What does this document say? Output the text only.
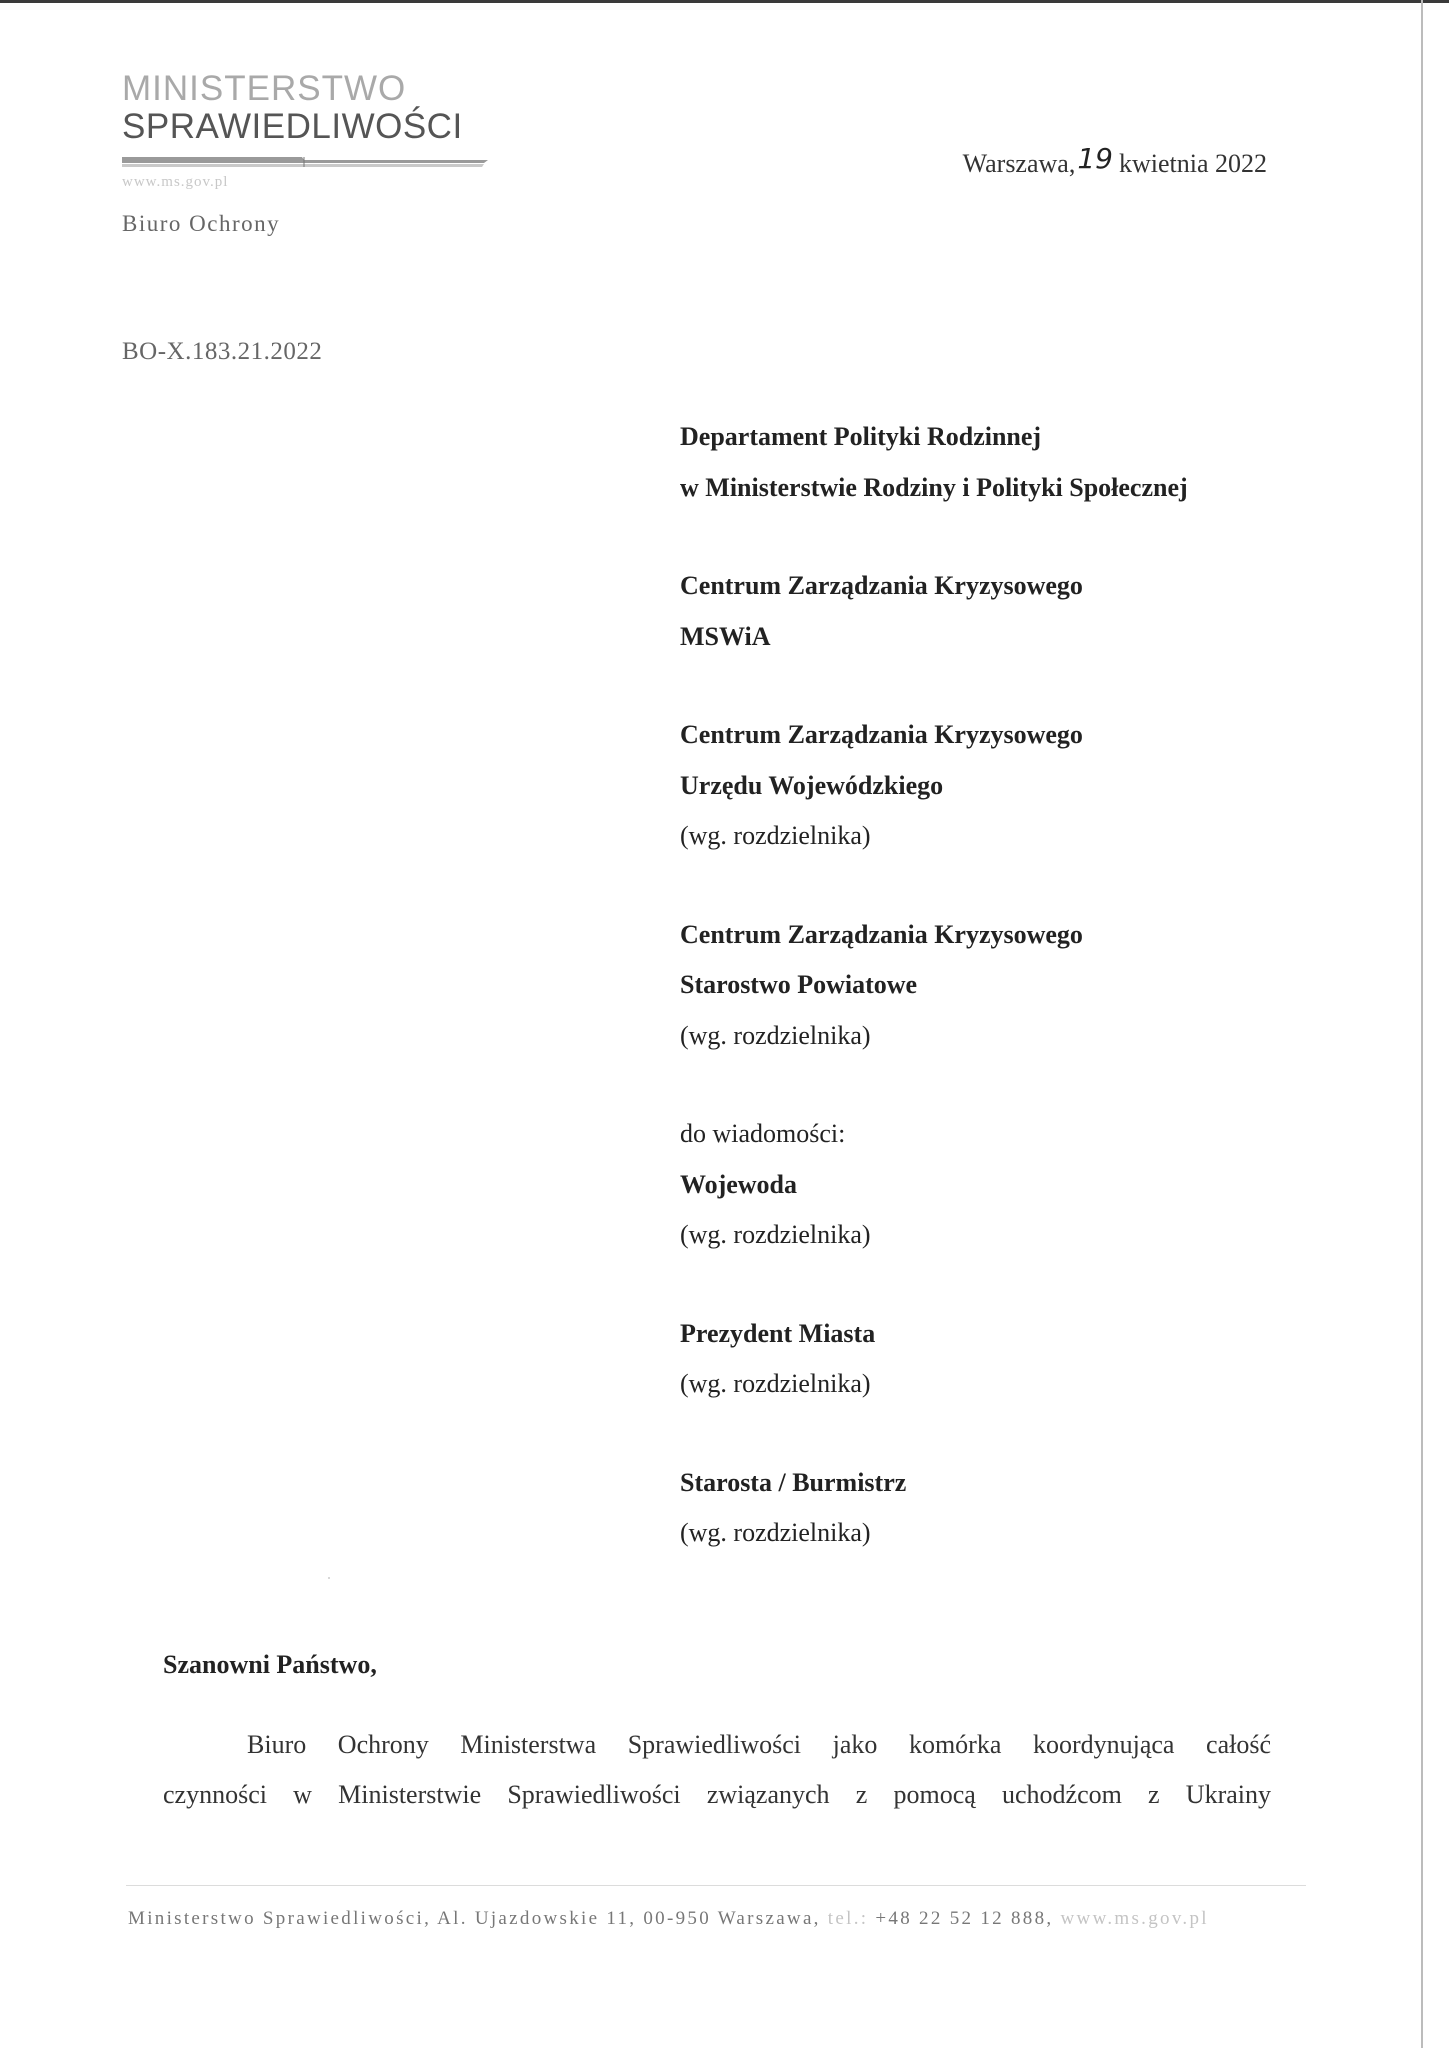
MINISTERSTWO
SPRAWIEDLIWOŚCI
www.ms.gov.pl
Biuro Ochrony
Warszawa,19 kwietnia 2022
BO-X.183.21.2022
Departament Polityki Rodzinnej
w Ministerstwie Rodziny i Polityki Społecznej
Centrum Zarządzania Kryzysowego
MSWiA
Centrum Zarządzania Kryzysowego
Urzędu Wojewódzkiego
(wg. rozdzielnika)
Centrum Zarządzania Kryzysowego
Starostwo Powiatowe
(wg. rozdzielnika)
do wiadomości:
Wojewoda
(wg. rozdzielnika)
Prezydent Miasta
(wg. rozdzielnika)
Starosta / Burmistrz
(wg. rozdzielnika)
Szanowni Państwo,

Biuro Ochrony Ministerstwa Sprawiedliwości jako komórka koordynująca całość

czynności w Ministerstwie Sprawiedliwości związanych z pomocą uchodźcom z Ukrainy

Ministerstwo Sprawiedliwości, Al. Ujazdowskie 11, 00-950 Warszawa, tel.: +48 22 52 12 888, www.ms.gov.pl
